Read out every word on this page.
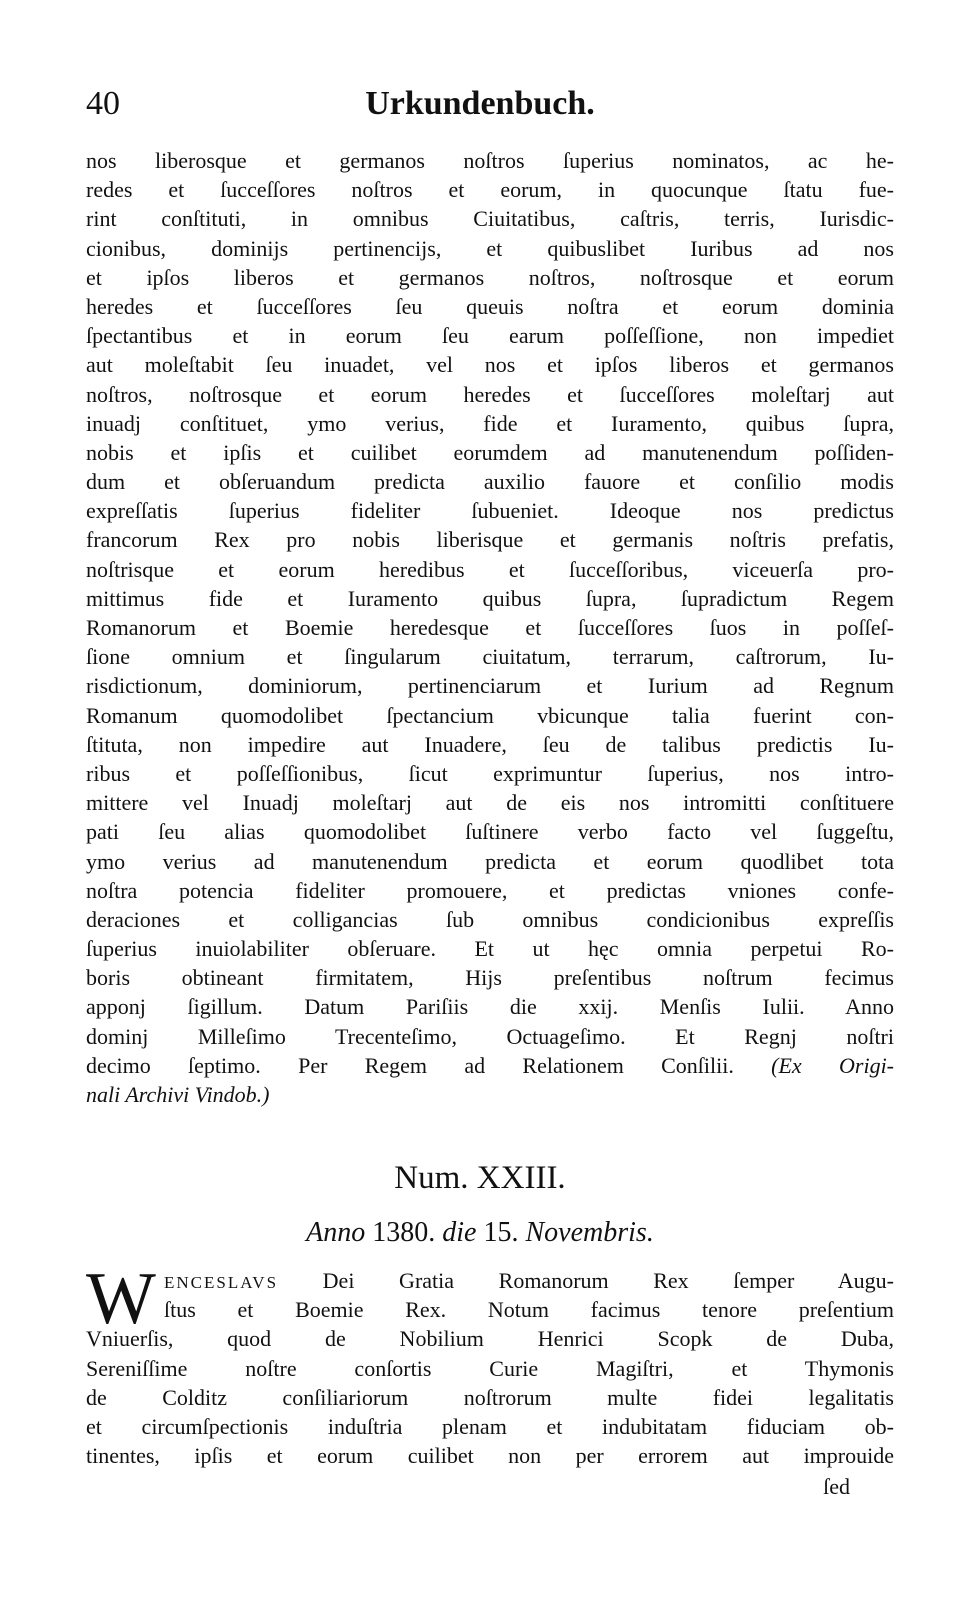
40	Urkundenbuch.
nos liberosque et germanos noſtros ſuperius nominatos, ac he-
redes et ſucceſſores noſtros et eorum, in quocunque ſtatu fue-
rint conſtituti, in omnibus Ciuitatibus, caſtris, terris, Iurisdic-
cionibus, dominijs pertinencijs, et quibuslibet Iuribus ad nos
et ipſos liberos et germanos noſtros, noſtrosque et eorum
heredes et ſucceſſores ſeu queuis noſtra et eorum dominia
ſpectantibus et in eorum ſeu earum poſſeſſione, non impediet
aut moleſtabit ſeu inuadet, vel nos et ipſos liberos et germanos
noſtros, noſtrosque et eorum heredes et ſucceſſores moleſtarj aut
inuadj conſtituet, ymo verius, fide et Iuramento, quibus ſupra,
nobis et ipſis et cuilibet eorumdem ad manutenendum poſſiden-
dum et obſeruandum predicta auxilio fauore et conſilio modis
expreſſatis ſuperius fideliter ſubueniet. Ideoque nos predictus
francorum Rex pro nobis liberisque et germanis noſtris prefatis,
noſtrisque et eorum heredibus et ſucceſſoribus, viceuerſa pro-
mittimus fide et Iuramento quibus ſupra, ſupradictum Regem
Romanorum et Boemie heredesque et ſucceſſores ſuos in poſſeſ-
ſione omnium et ſingularum ciuitatum, terrarum, caſtrorum, Iu-
risdictionum, dominiorum, pertinenciarum et Iurium ad Regnum
Romanum quomodolibet ſpectancium vbicunque talia fuerint con-
ſtituta, non impedire aut Inuadere, ſeu de talibus predictis Iu-
ribus et poſſeſſionibus, ſicut exprimuntur ſuperius, nos intro-
mittere vel Inuadj moleſtarj aut de eis nos intromitti conſtituere
pati ſeu alias quomodolibet ſuſtinere verbo facto vel ſuggeſtu,
ymo verius ad manutenendum predicta et eorum quodlibet tota
noſtra potencia fideliter promouere, et predictas vniones confe-
deraciones et colligancias ſub omnibus condicionibus expreſſis
ſuperius inuiolabiliter obſeruare. Et ut hęc omnia perpetui Ro-
boris obtineant firmitatem, Hijs preſentibus noſtrum fecimus
apponj ſigillum. Datum Pariſiis die xxij. Menſis Iulii. Anno
dominj Milleſimo Trecenteſimo, Octuageſimo. Et Regnj noſtri
decimo ſeptimo. Per Regem ad Relationem Conſilii. (Ex Origi-
nali Archivi Vindob.)
Num. XXIII.
Anno 1380. die 15. Novembris.
W ENCESLAVS Dei Gratia Romanorum Rex ſemper Augu-
ſtus et Boemie Rex. Notum facimus tenore preſentium
Vniuerſis, quod de Nobilium Henrici Scopk de Duba,
Sereniſſime noſtre conſortis Curie Magiſtri, et Thymonis
de Colditz conſiliariorum noſtrorum multe fidei legalitatis
et circumſpectionis induſtria plenam et indubitatam fiduciam ob-
tinentes, ipſis et eorum cuilibet non per errorem aut improuide
ſed
